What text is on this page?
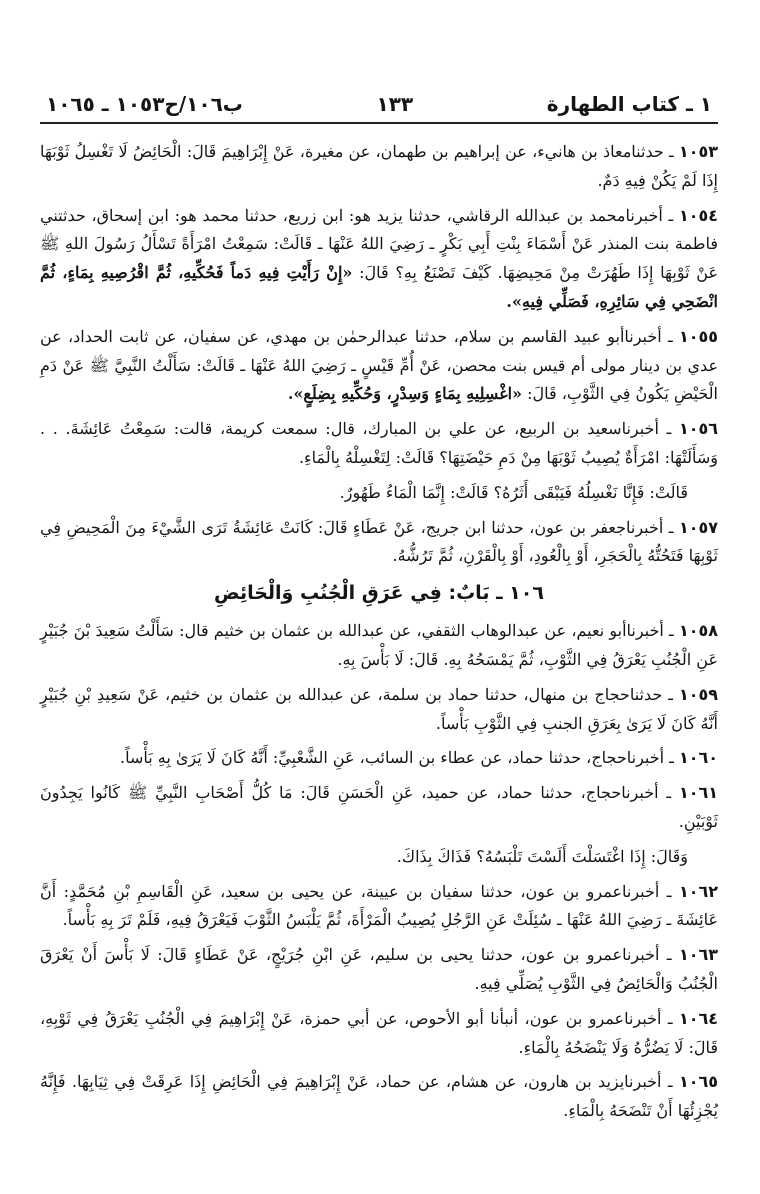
١ ـ كتاب الطهارة
١٣٣
ب١٠٦/ح١٠٥٣ ـ ١٠٦٥

١٠٥٣ ـ حدثنامعاذ بن هانيء، عن إبراهيم بن طهمان، عن مغيرة، عَنْ إِبْرَاهِيمَ قَالَ: الْحَائِضُ لَا تَغْسِلُ ثَوْبَهَا إِذَا لَمْ يَكُنْ فِيهِ دَمٌ.

١٠٥٤ ـ أخبرنامحمد بن عبدالله الرقاشي، حدثنا يزيد هو: ابن زريع، حدثنا محمد هو: ابن إسحاق، حدثتني فاطمة بنت المنذر عَنْ أَسْمَاءَ بِنْتِ أَبِي بَكْرٍ ـ رَضِيَ اللهُ عَنْهَا ـ قَالَتْ: سَمِعْتُ امْرَأَةً تَسْأَلُ رَسُولَ اللهِ ﷺ عَنْ ثَوْبِهَا إِذَا طَهُرَتْ مِنْ مَحِيضِهَا. كَيْفَ تَصْنَعُ بِهِ؟ قَالَ: «إِنْ رَأَيْتِ فِيهِ دَماً فَحُكِّيهِ، ثُمَّ اقْرُصِيهِ بِمَاءٍ، ثُمَّ انْضَحِي فِي سَائِرِهِ، فَصَلِّي فِيهِ».

١٠٥٥ ـ أخبرناأبو عبيد القاسم بن سلام، حدثنا عبدالرحمٰن بن مهدي، عن سفيان، عن ثابت الحداد، عن عدي بن دينار مولى أم قيس بنت محصن، عَنْ أُمِّ قَيْسٍ ـ رَضِيَ اللهُ عَنْهَا ـ قَالَتْ: سَأَلْتُ النَّبِيَّ ﷺ عَنْ دَمِ الْحَيْضِ يَكُونُ فِي الثَّوْبِ، قَالَ: «اغْسِلِيهِ بِمَاءٍ وَسِدْرٍ، وَحُكِّيهِ بِضِلَعٍ».

١٠٥٦ ـ أخبرناسعيد بن الربيع، عن علي بن المبارك، قال: سمعت كريمة، قالت: سَمِعْتُ عَائِشَةَ. . . وَسَأَلَتْهَا: امْرَأَةٌ يُصِيبُ ثَوْبَهَا مِنْ دَمِ حَيْضَتِهَا؟ قَالَتْ: لِتَغْسِلْهُ بِالْمَاءِ.

قَالَتْ: فَإِنَّا نَغْسِلُهُ فَيَبْقَى أَثَرُهُ؟ قَالَتْ: إِنَّمَا الْمَاءُ طَهُورٌ.

١٠٥٧ ـ أخبرناجعفر بن عون، حدثنا ابن جريج، عَنْ عَطَاءٍ قَالَ: كَانَتْ عَائِشَةُ تَرَى الشَّيْءَ مِنَ الْمَحِيضِ فِي ثَوْبِهَا فَتَحُتُّهُ بِالْحَجَرِ، أَوْ بِالْعُودِ، أَوْ بِالْقَرْنِ، ثُمَّ تَرُشُّهُ.

١٠٦ ـ بَابٌ: فِي عَرَقِ الْجُنُبِ وَالْحَائِضِ

١٠٥٨ ـ أخبرناأبو نعيم، عن عبدالوهاب الثقفي، عن عبدالله بن عثمان بن خثيم قال: سَأَلْتُ سَعِيدَ بْنَ جُبَيْرٍ عَنِ الْجُنُبِ يَعْرَقُ فِي الثَّوْبِ، ثُمَّ يَمْسَحُهُ بِهِ. قَالَ: لَا بَأْسَ بِهِ.

١٠٥٩ ـ حدثناحجاج بن منهال، حدثنا حماد بن سلمة، عن عبدالله بن عثمان بن خثيم، عَنْ سَعِيدِ بْنِ جُبَيْرٍ أَنَّهُ كَانَ لَا يَرَىٰ بِعَرَقِ الجنبِ فِي الثَّوْبِ بَأْساً.

١٠٦٠ ـ أخبرناحجاج، حدثنا حماد، عن عطاء بن السائب، عَنِ الشَّعْبِيِّ: أَنَّهُ كَانَ لَا يَرَىٰ بِهِ بَأْساً.

١٠٦١ ـ أخبرناحجاج، حدثنا حماد، عن حميد، عَنِ الْحَسَنِ قَالَ: مَا كُلُّ أَصْحَابِ النَّبِيِّ ﷺ كَانُوا يَجِدُونَ ثَوْبَيْنِ.

وَقَالَ: إِذَا اغْتَسَلْتَ أَلَسْتَ تَلْبَسُهُ؟ فَذَاكَ بِذَاكَ.

١٠٦٢ ـ أخبرناعمرو بن عون، حدثنا سفيان بن عيينة، عن يحيى بن سعيد، عَنِ الْقَاسِمِ بْنِ مُحَمَّدٍ: أَنَّ عَائِشَةَ ـ رَضِيَ اللهُ عَنْهَا ـ سُئِلَتْ عَنِ الرَّجُلِ يُصِيبُ الْمَرْأَةَ، ثُمَّ يَلْبَسُ الثَّوْبَ فَيَعْرَقُ فِيهِ، فَلَمْ تَرَ بِهِ بَأْساً.

١٠٦٣ ـ أخبرناعمرو بن عون، حدثنا يحيى بن سليم، عَنِ ابْنِ جُرَيْجٍ، عَنْ عَطَاءٍ قَالَ: لَا بَأْسَ أَنْ يَعْرَقَ الْجُنُبُ وَالْحَائِضُ فِي الثَّوْبِ يُصَلِّي فِيهِ.

١٠٦٤ ـ أخبرناعمرو بن عون، أنبأنا أبو الأحوص، عن أبي حمزة، عَنْ إِبْرَاهِيمَ فِي الْجُنُبِ يَعْرَقُ فِي ثَوْبِهِ، قَالَ: لَا يَضُرُّهُ وَلَا يَنْضَحُهُ بِالْمَاءِ.

١٠٦٥ ـ أخبرنايزيد بن هارون، عن هشام، عن حماد، عَنْ إِبْرَاهِيمَ فِي الْحَائِضِ إِذَا عَرِقَتْ فِي ثِيَابِهَا. فَإِنَّهُ يُجْزِئُهَا أَنْ تَنْضَحَهُ بِالْمَاءِ.
